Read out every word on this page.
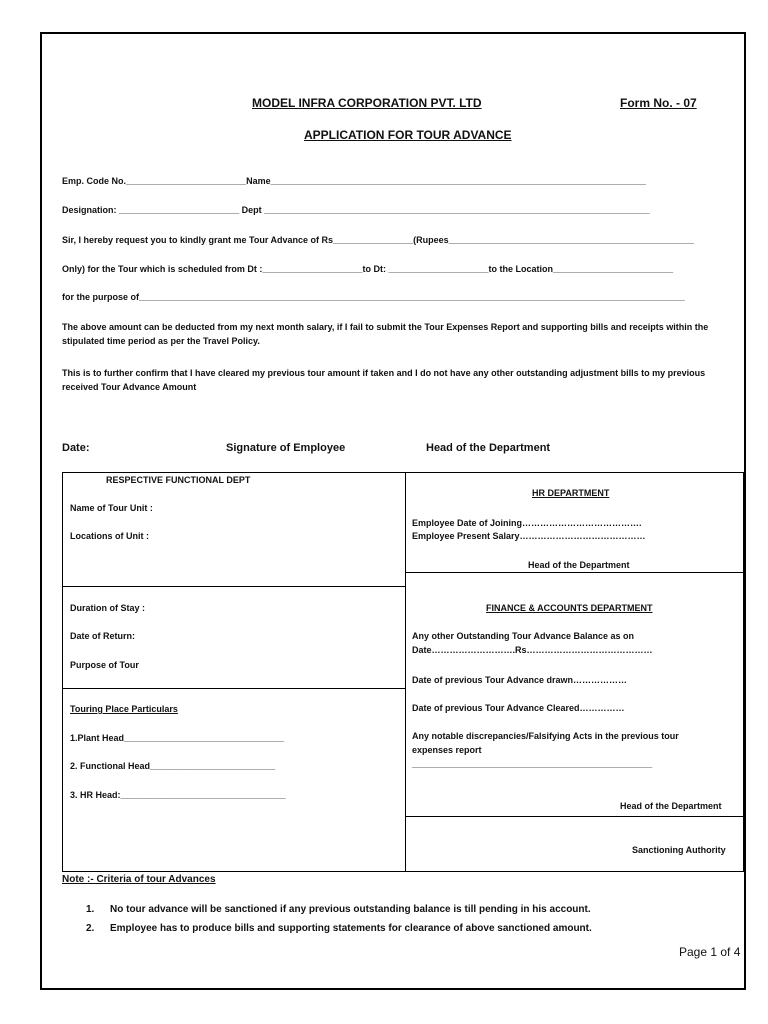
MODEL INFRA CORPORATION PVT. LTD	Form No. - 07
APPLICATION FOR TOUR ADVANCE
Emp. Code No.________________________Name___________________________________________________________________________
Designation: ________________________ Dept _____________________________________________________________________________
Sir, I hereby request you to kindly grant me Tour Advance of Rs________________(Rupees_________________________________________________
Only) for the Tour which is scheduled from Dt :____________________to Dt: ____________________to the Location________________________
for the purpose of_____________________________________________________________________________________________________________
The above amount can be deducted from my next month salary, if I fail to submit the Tour Expenses Report and supporting bills and receipts within the stipulated time period as per the Travel Policy.
This is to further confirm that I have cleared my previous tour amount if taken and I do not have any other outstanding adjustment bills to my previous received Tour Advance Amount
Date:	Signature of Employee	Head of the Department
RESPECTIVE FUNCTIONAL DEPT
Name of Tour Unit :
Locations of Unit :
Duration of Stay :
Date of Return:
Purpose of Tour
Touring Place Particulars
1.Plant Head________________________________
2. Functional Head_________________________
3. HR Head:_________________________________
HR DEPARTMENT
Employee Date of Joining………………………………….
Employee Present Salary……………………………………
Head of the Department
FINANCE & ACCOUNTS DEPARTMENT
Any other Outstanding Tour Advance Balance as on
Date……………………….Rs……………………………………
Date of previous Tour Advance drawn………………
Date of previous Tour Advance Cleared……………
Any notable discrepancies/Falsifying Acts in the previous tour
expenses report
________________________________________________
Head of the Department
Sanctioning Authority
Note :- Criteria of tour Advances
1. No tour advance will be sanctioned if any previous outstanding balance is till pending in his account.
2. Employee has to produce bills and supporting statements for clearance of above sanctioned amount.
Page 1 of 4
